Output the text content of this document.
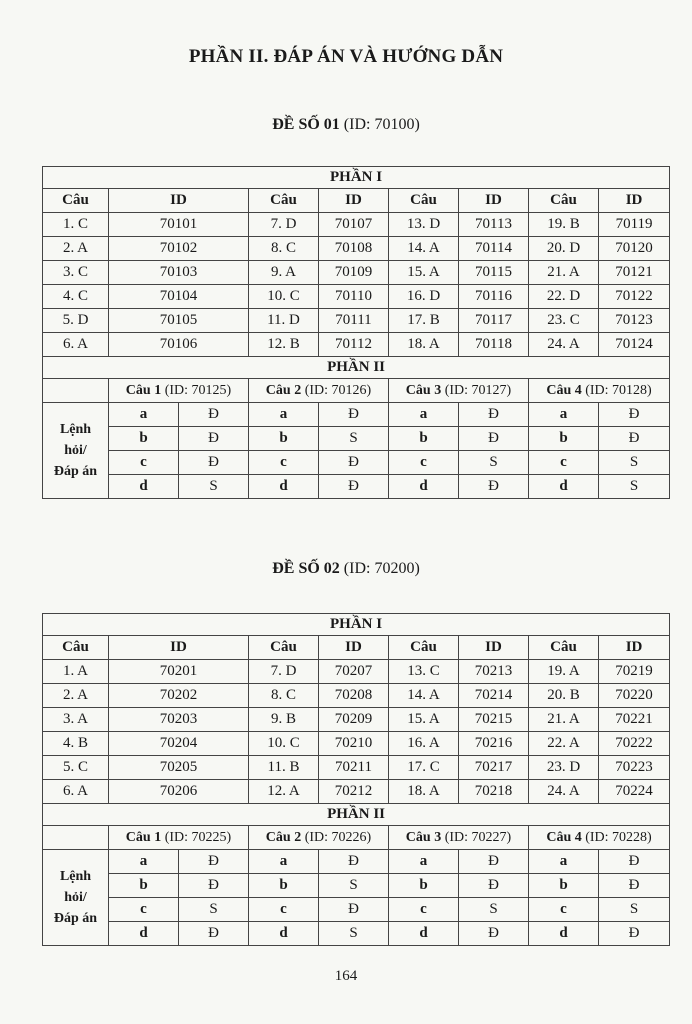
PHẦN II. ĐÁP ÁN VÀ HƯỚNG DẪN
ĐỀ SỐ 01 (ID: 70100)
PHẦN I								
Câu	ID		Câu	ID	Câu	ID	Câu	ID
1. C	70101		7. D	70107	13. D	70113	19. B	70119
2. A	70102		8. C	70108	14. A	70114	20. D	70120
3. C	70103		9. A	70109	15. A	70115	21. A	70121
4. C	70104		10. C	70110	16. D	70116	22. D	70122
5. D	70105		11. D	70111	17. B	70117	23. C	70123
6. A	70106		12. B	70112	18. A	70118	24. A	70124
PHẦN II								
	Câu 1 (ID: 70125)		Câu 2 (ID: 70126)		Câu 3 (ID: 70127)		Câu 4 (ID: 70128)	

Lệnh
hỏi/
Đáp án	a	Đ	a	Đ	a	Đ	a	Đ
	b	Đ	b	S	b	Đ	b	Đ
	c	Đ	c	Đ	c	S	c	S
	d	S	d	Đ	d	Đ	d	S
ĐỀ SỐ 02 (ID: 70200)
PHẦN I								
Câu	ID		Câu	ID	Câu	ID	Câu	ID
1. A	70201		7. D	70207	13. C	70213	19. A	70219
2. A	70202		8. C	70208	14. A	70214	20. B	70220
3. A	70203		9. B	70209	15. A	70215	21. A	70221
4. B	70204		10. C	70210	16. A	70216	22. A	70222
5. C	70205		11. B	70211	17. C	70217	23. D	70223
6. A	70206		12. A	70212	18. A	70218	24. A	70224
PHẦN II								
	Câu 1 (ID: 70225)		Câu 2 (ID: 70226)		Câu 3 (ID: 70227)		Câu 4 (ID: 70228)	

Lệnh
hỏi/
Đáp án	a	Đ	a	Đ	a	Đ	a	Đ
	b	Đ	b	S	b	Đ	b	Đ
	c	S	c	Đ	c	S	c	S
	d	Đ	d	S	d	Đ	d	Đ
164
